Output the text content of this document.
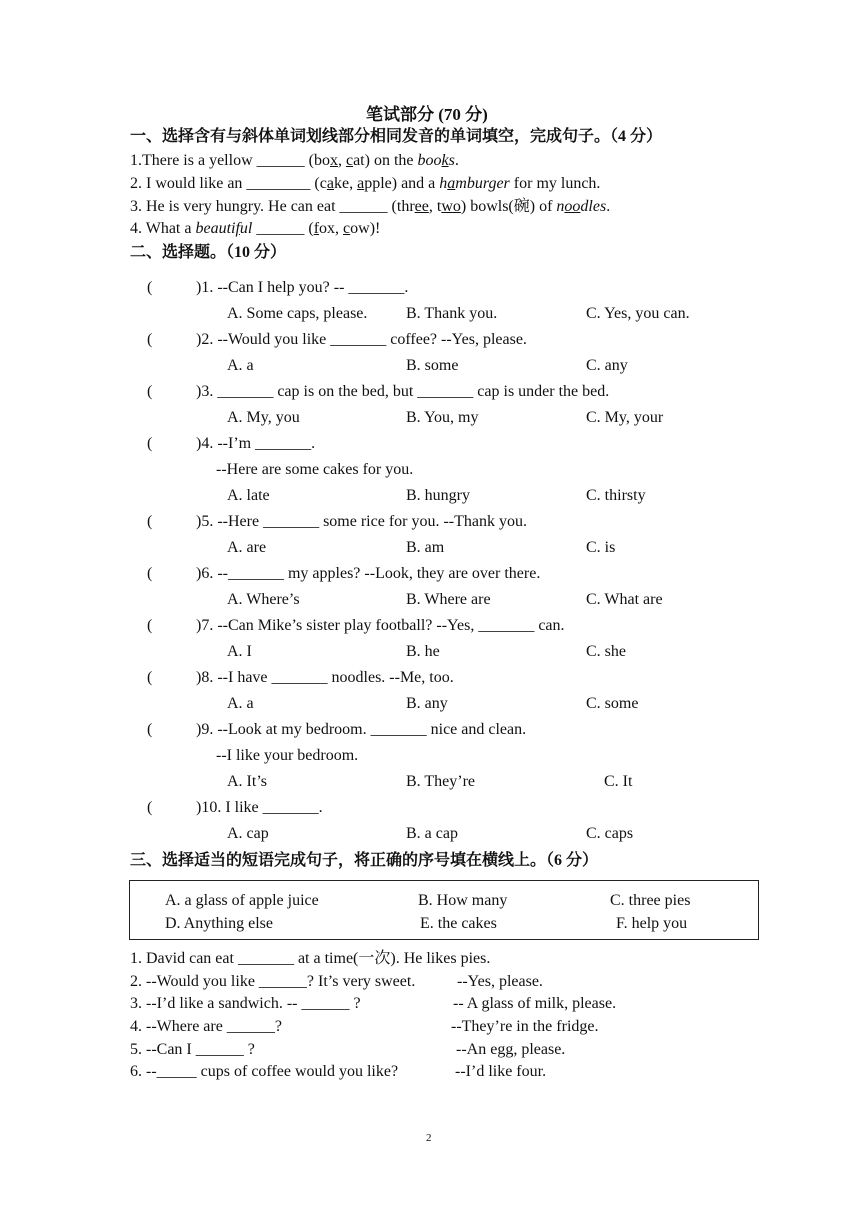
笔试部分 (70 分)
一、选择含有与斜体单词划线部分相同发音的单词填空，完成句子。（4 分）
1.There is a yellow ______ (box, cat) on the books.
2. I would like an ________ (cake, apple) and a hamburger for my lunch.
3. He is very hungry. He can eat ______ (three, two) bowls(碗) of noodles.
4. What a beautiful ______ (fox, cow)!
二、选择题。（10 分）
(	)1. --Can I help you? -- _______.
A. Some caps, please. B. Thank you.	C. Yes, you can.
(	)2. --Would you like _______ coffee? --Yes, please.
A. a	B. some	C. any
(	)3. _______ cap is on the bed, but _______ cap is under the bed.
A. My, you	B. You, my	C. My, your
(	)4. --I’m _______.
--Here are some cakes for you.
A. late	B. hungry	C. thirsty
(	)5. --Here _______ some rice for you. --Thank you.
A. are	B. am	C. is
(	)6. --_______ my apples? --Look, they are over there.
A. Where’s	B. Where are	C. What are
(	)7. --Can Mike’s sister play football? --Yes, _______ can.
A. I	B. he	C. she
(	)8. --I have _______ noodles. --Me, too.
A. a	B. any	C. some
(	)9. --Look at my bedroom. _______ nice and clean.
--I like your bedroom.
A. It’s	B. They’re	C. It
(	)10. I like _______.
A. cap	B. a cap	C. caps
三、选择适当的短语完成句子，将正确的序号填在横线上。（6 分）
A. a glass of apple juice	B. How many	C. three pies
D. Anything else	E. the cakes	F. help you
1. David can eat _______ at a time(一次). He likes pies.
2. --Would you like ______? It’s very sweet.	--Yes, please.
3. --I’d like a sandwich. -- ______ ?	-- A glass of milk, please.
4. --Where are ______?	--They’re in the fridge.
5. --Can I ______ ?	--An egg, please.
6. --_____ cups of coffee would you like?	--I’d like four.
2
